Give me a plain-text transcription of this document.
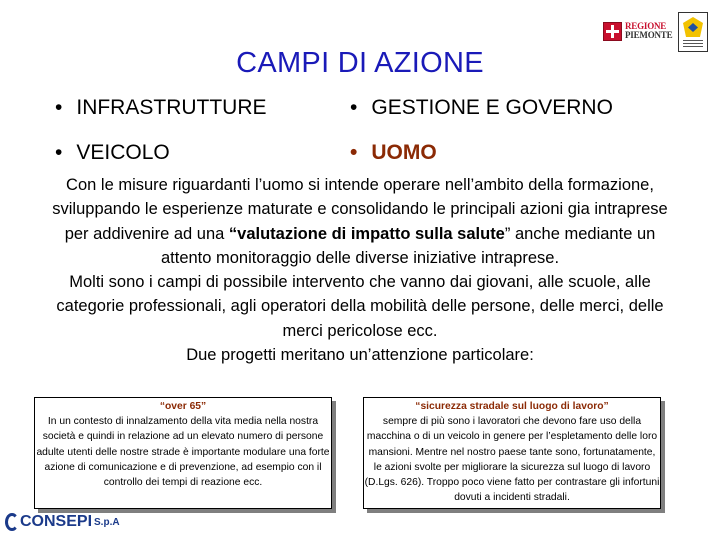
REGIONE
PIEMONTE
CAMPI DI AZIONE
• INFRASTRUTTURE	• GESTIONE E GOVERNO
• VEICOLO	• UOMO
Con le misure riguardanti l’uomo si intende operare nell’ambito della formazione, sviluppando le esperienze maturate e consolidando le principali azioni gia intraprese per addivenire ad una “valutazione di impatto sulla salute” anche mediante un attento monitoraggio delle diverse iniziative intraprese.
Molti sono i campi di possibile intervento che vanno dai giovani, alle scuole, alle categorie professionali, agli operatori della mobilità delle persone, delle merci, delle merci pericolose ecc.
Due progetti meritano un’attenzione particolare:
“over 65”
In un contesto di innalzamento della vita media nella nostra società e quindi in relazione ad un elevato numero di persone adulte utenti delle nostre strade è importante modulare una forte azione di comunicazione e di prevenzione, ad esempio con il controllo dei tempi di reazione ecc.
“sicurezza stradale sul luogo di lavoro”
sempre di più sono i lavoratori che devono fare uso della macchina o di un veicolo in genere per l’espletamento delle loro mansioni. Mentre nel nostro paese tante sono, fortunatamente, le azioni svolte per migliorare la sicurezza sul luogo di lavoro (D.Lgs. 626). Troppo poco viene fatto per contrastare gli infortuni dovuti a incidenti stradali.
CONSEPI S.p.A
